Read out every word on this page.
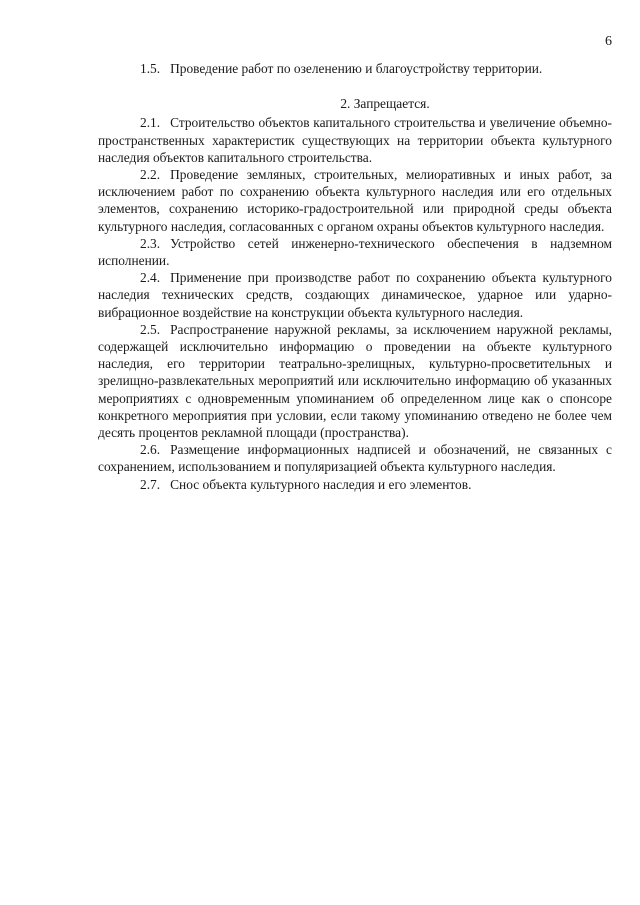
6

1.5. Проведение работ по озеленению и благоустройству территории.

2. Запрещается.

2.1. Строительство объектов капитального строительства и увеличение объемно-пространственных характеристик существующих на территории объекта культурного наследия объектов капитального строительства.

2.2. Проведение земляных, строительных, мелиоративных и иных работ, за исключением работ по сохранению объекта культурного наследия или его отдельных элементов, сохранению историко-градостроительной или природной среды объекта культурного наследия, согласованных с органом охраны объектов культурного наследия.

2.3. Устройство сетей инженерно-технического обеспечения в надземном исполнении.

2.4. Применение при производстве работ по сохранению объекта культурного наследия технических средств, создающих динамическое, ударное или ударно-вибрационное воздействие на конструкции объекта культурного наследия.

2.5. Распространение наружной рекламы, за исключением наружной рекламы, содержащей исключительно информацию о проведении на объекте культурного наследия, его территории театрально-зрелищных, культурно-просветительных и зрелищно-развлекательных мероприятий или исключительно информацию об указанных мероприятиях с одновременным упоминанием об определенном лице как о спонсоре конкретного мероприятия при условии, если такому упоминанию отведено не более чем десять процентов рекламной площади (пространства).

2.6. Размещение информационных надписей и обозначений, не связанных с сохранением, использованием и популяризацией объекта культурного наследия.

2.7. Снос объекта культурного наследия и его элементов.
